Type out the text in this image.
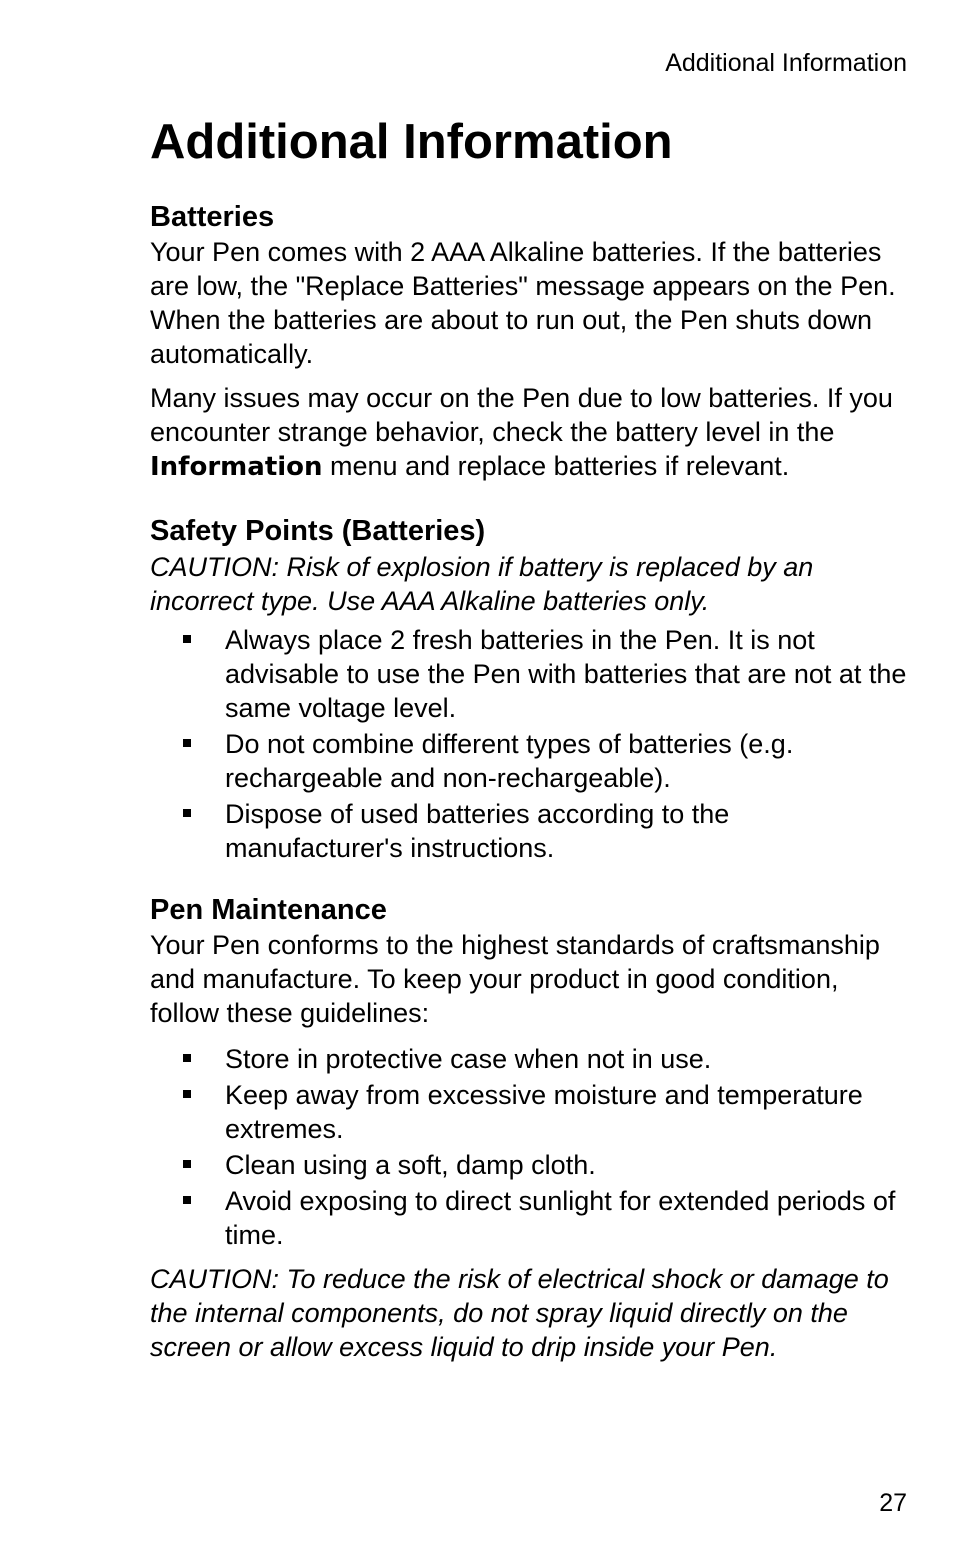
Additional Information
Additional Information
Batteries

Your Pen comes with 2 AAA Alkaline batteries. If the batteries are low, the "Replace Batteries" message appears on the Pen. When the batteries are about to run out, the Pen shuts down automatically.

Many issues may occur on the Pen due to low batteries. If you encounter strange behavior, check the battery level in the Information menu and replace batteries if relevant.

Safety Points (Batteries)

CAUTION: Risk of explosion if battery is replaced by an incorrect type. Use AAA Alkaline batteries only.

Always place 2 fresh batteries in the Pen. It is not advisable to use the Pen with batteries that are not at the same voltage level.
Do not combine different types of batteries (e.g. rechargeable and non-rechargeable).
Dispose of used batteries according to the manufacturer's instructions.
Pen Maintenance

Your Pen conforms to the highest standards of craftsmanship and manufacture. To keep your product in good condition, follow these guidelines:

Store in protective case when not in use.
Keep away from excessive moisture and temperature extremes.
Clean using a soft, damp cloth.
Avoid exposing to direct sunlight for extended periods of time.

CAUTION: To reduce the risk of electrical shock or damage to the internal components, do not spray liquid directly on the screen or allow excess liquid to drip inside your Pen.

27
